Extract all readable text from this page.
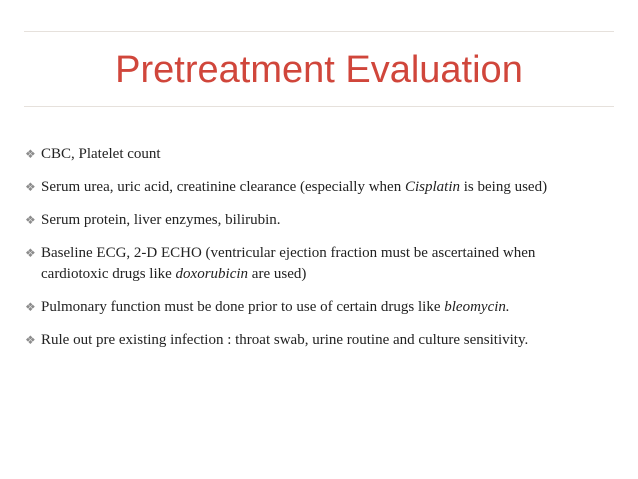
Pretreatment Evaluation
❖ CBC, Platelet count
❖ Serum urea, uric acid, creatinine clearance (especially when Cisplatin is being used)
❖ Serum protein, liver enzymes, bilirubin.
❖ Baseline ECG, 2-D ECHO (ventricular ejection fraction must be ascertained when cardiotoxic drugs like doxorubicin are used)
❖ Pulmonary function must be done prior to use of certain drugs like bleomycin.
❖ Rule out pre existing infection : throat swab, urine routine and culture sensitivity.
